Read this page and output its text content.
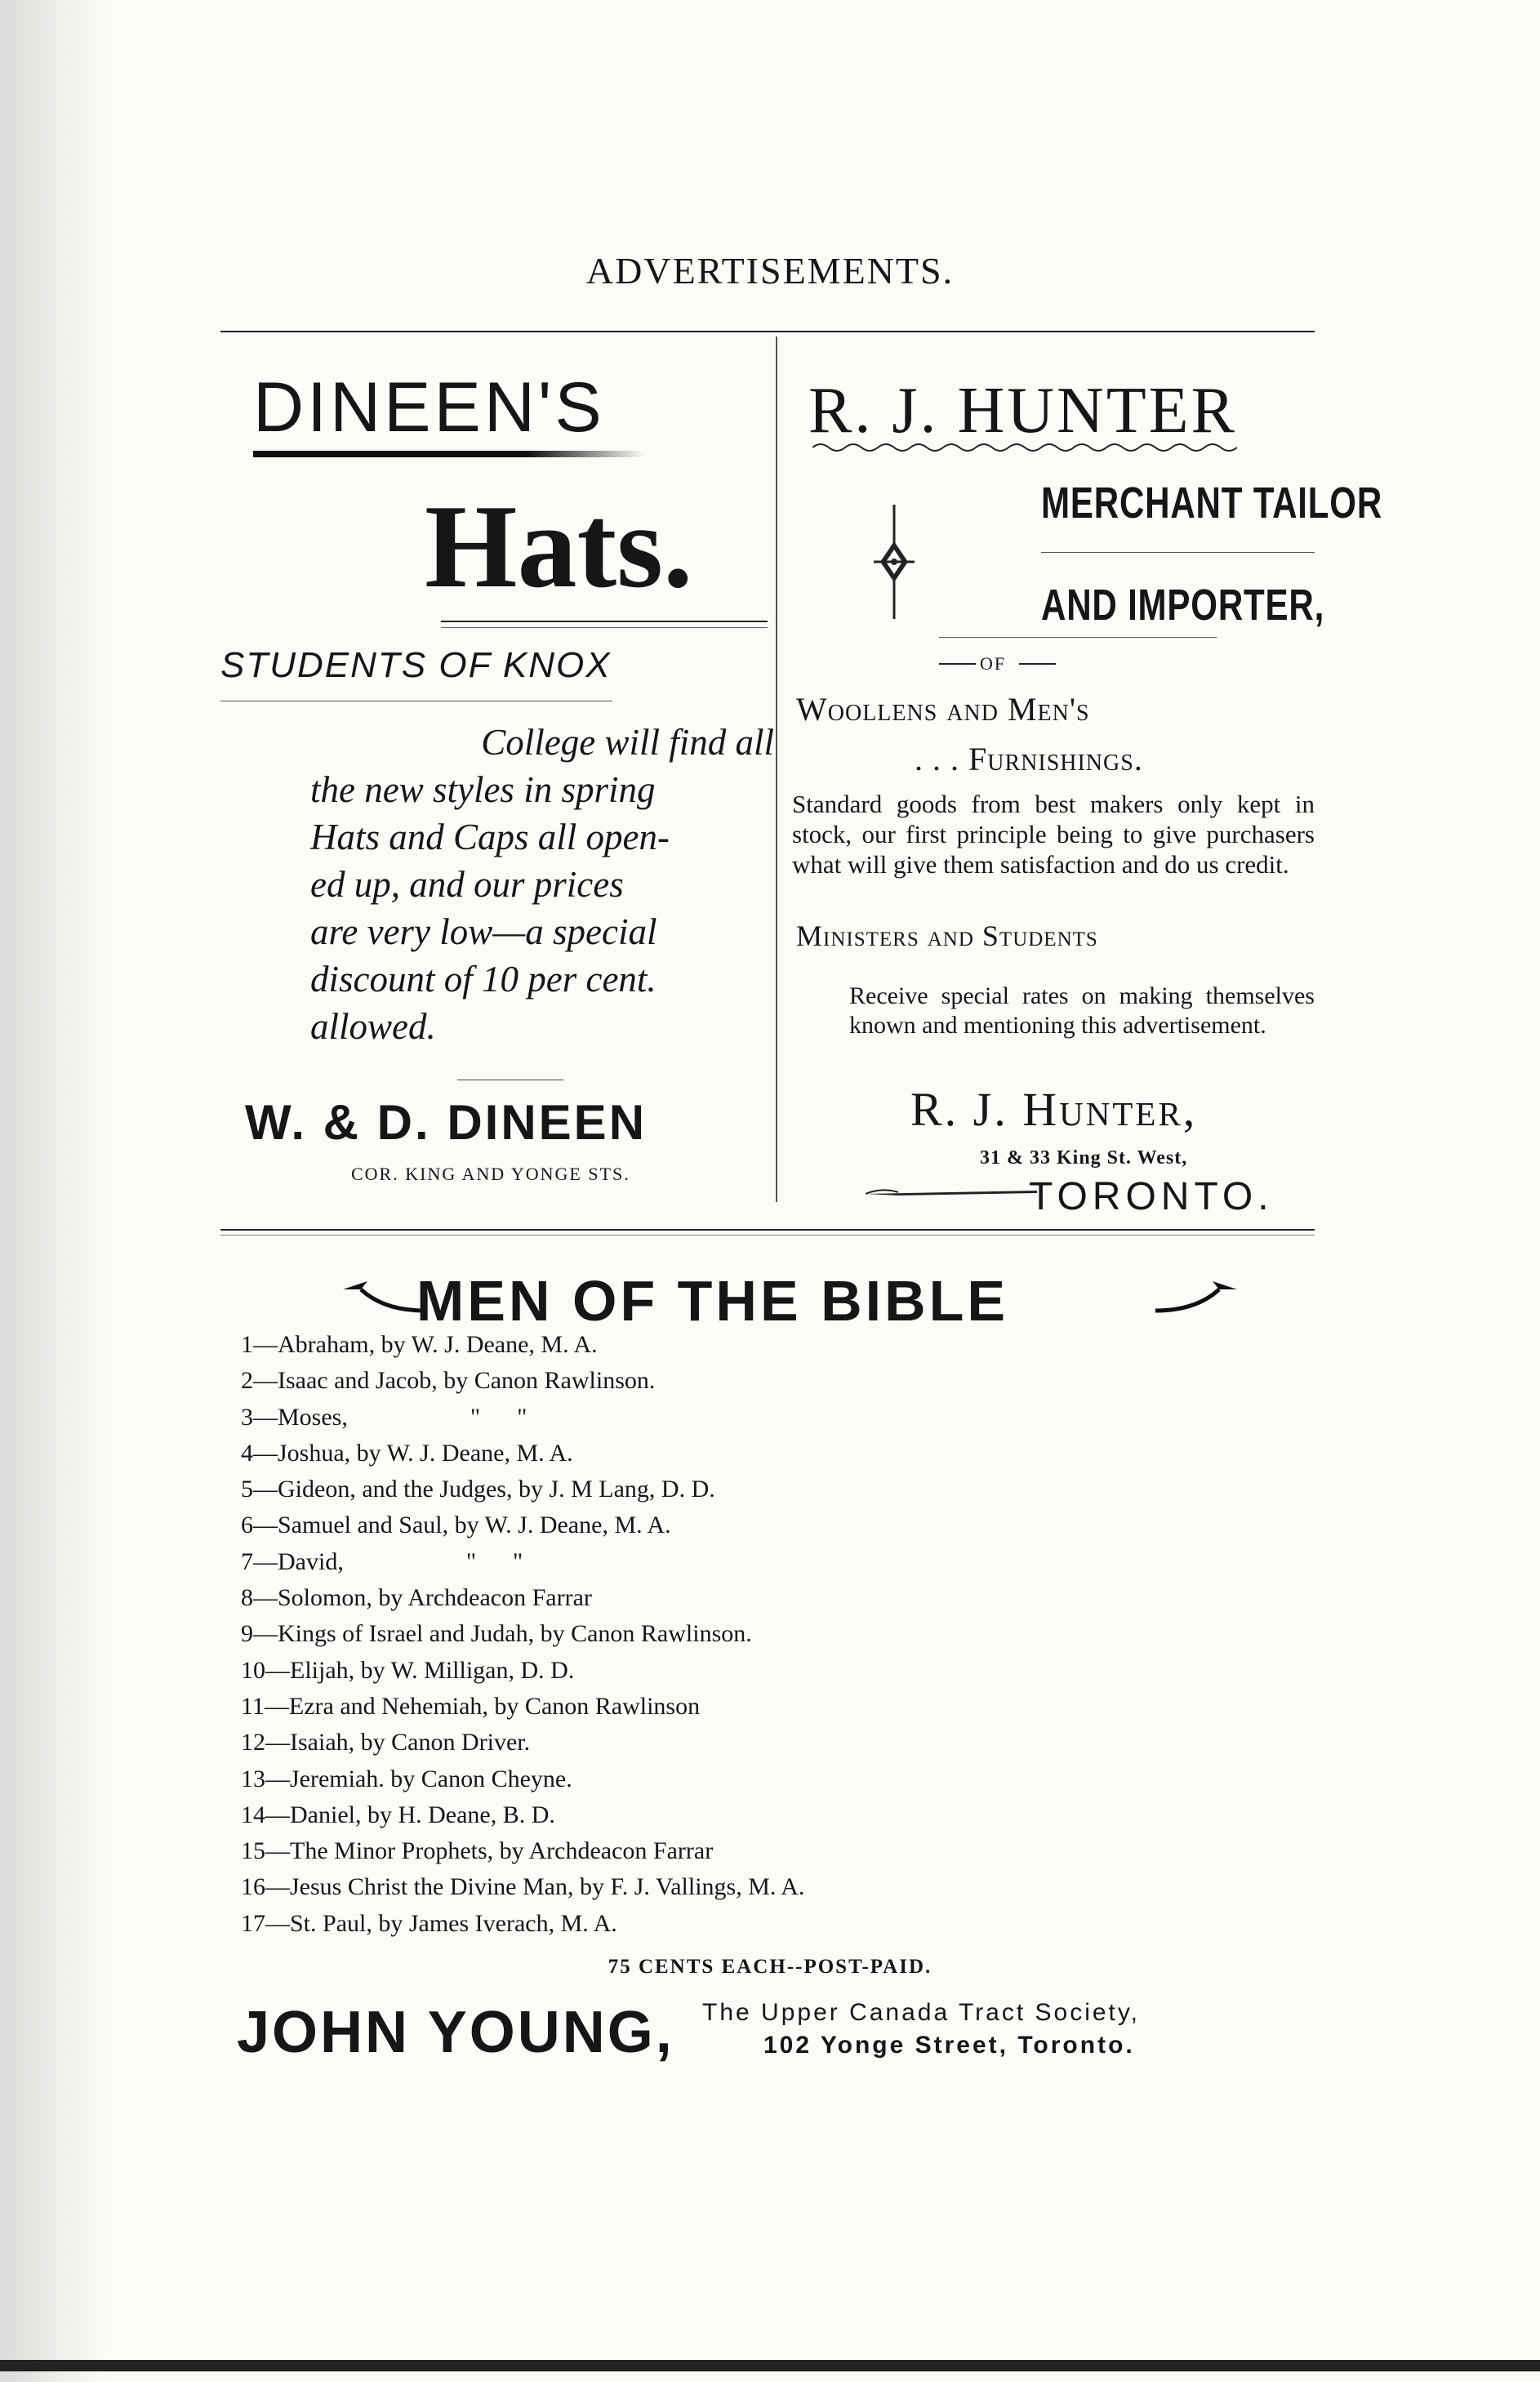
ADVERTISEMENTS.
DINEEN'S
Hats.
STUDENTS OF KNOX
College will find all
the new styles in spring
Hats and Caps all open-
ed up, and our prices
are very low—a special
discount of 10 per cent.
allowed.
W. & D. DINEEN
COR. KING AND YONGE STS.
R. J. HUNTER
MERCHANT TAILOR
AND IMPORTER,
OF
Woollens and Men's
. . . Furnishings.
Standard goods from best makers only kept in stock, our first principle being to give purchasers what will give them satisfaction and do us credit.
Ministers and Students
Receive special rates on making themselves known and mentioning this advertisement.
R. J. Hunter,
31 & 33 King St. West,
TORONTO.
MEN OF THE BIBLE
1—Abraham, by W. J. Deane, M. A.
2—Isaac and Jacob, by Canon Rawlinson.
3—Moses,                    "      "
4—Joshua, by W. J. Deane, M. A.
5—Gideon, and the Judges, by J. M Lang, D. D.
6—Samuel and Saul, by W. J. Deane, M. A.
7—David,                    "      "
8—Solomon, by Archdeacon Farrar
9—Kings of Israel and Judah, by Canon Rawlinson.
10—Elijah, by W. Milligan, D. D.
11—Ezra and Nehemiah, by Canon Rawlinson
12—Isaiah, by Canon Driver.
13—Jeremiah. by Canon Cheyne.
14—Daniel, by H. Deane, B. D.
15—The Minor Prophets, by Archdeacon Farrar
16—Jesus Christ the Divine Man, by F. J. Vallings, M. A.
17—St. Paul, by James Iverach, M. A.
75 CENTS EACH--POST-PAID.
JOHN YOUNG, The Upper Canada Tract Society,
102 Yonge Street, Toronto.
